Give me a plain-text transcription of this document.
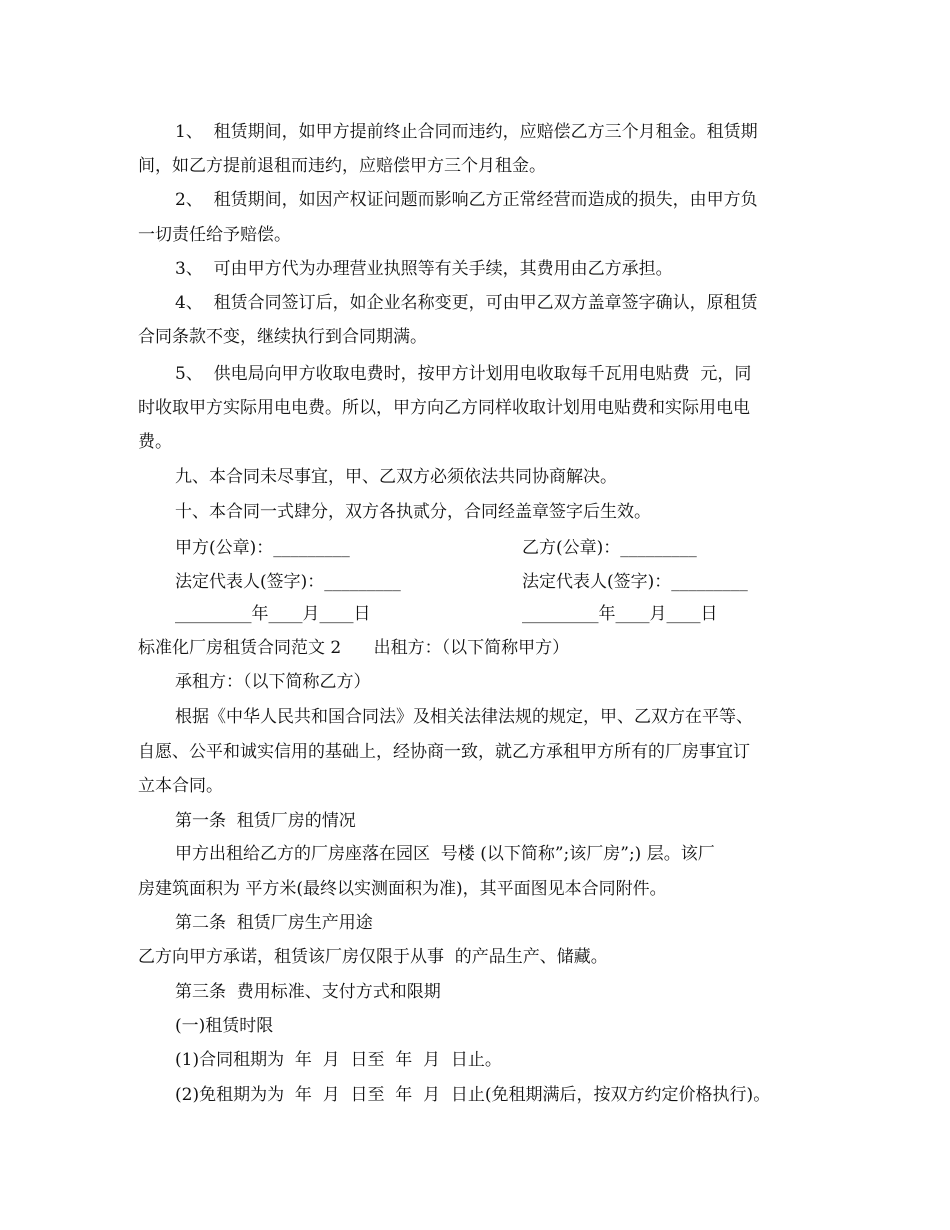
1、  租赁期间，如甲方提前终止合同而违约，应赔偿乙方三个月租金。租赁期
间，如乙方提前退租而违约，应赔偿甲方三个月租金。
2、  租赁期间，如因产权证问题而影响乙方正常经营而造成的损失，由甲方负
一切责任给予赔偿。
3、  可由甲方代为办理营业执照等有关手续，其费用由乙方承担。
4、  租赁合同签订后，如企业名称变更，可由甲乙双方盖章签字确认，原租赁
合同条款不变，继续执行到合同期满。
5、  供电局向甲方收取电费时，按甲方计划用电收取每千瓦用电贴费  元，同
时收取甲方实际用电电费。所以，甲方向乙方同样收取计划用电贴费和实际用电电
费。
九、本合同未尽事宜，甲、乙双方必须依法共同协商解决。
十、本合同一式肆分，双方各执贰分，合同经盖章签字后生效。
甲方(公章)：_________	乙方(公章)：_________
法定代表人(签字)：_________	法定代表人(签字)：_________
_________年____月____日	_________年____月____日
标准化厂房租赁合同范文 2      出租方：（以下简称甲方）
承租方：（以下简称乙方）
根据《中华人民共和国合同法》及相关法律法规的规定，甲、乙双方在平等、
自愿、公平和诚实信用的基础上，经协商一致，就乙方承租甲方所有的厂房事宜订
立本合同。
第一条  租赁厂房的情况
甲方出租给乙方的厂房座落在园区  号楼 (以下简称”;该厂房”;) 层。该厂
房建筑面积为 平方米(最终以实测面积为准)，其平面图见本合同附件。
第二条  租赁厂房生产用途
乙方向甲方承诺，租赁该厂房仅限于从事  的产品生产、储藏。
第三条  费用标准、支付方式和限期
(一)租赁时限
(1)合同租期为  年  月  日至  年  月  日止。
(2)免租期为为  年  月  日至  年  月  日止(免租期满后，按双方约定价格执行)。
